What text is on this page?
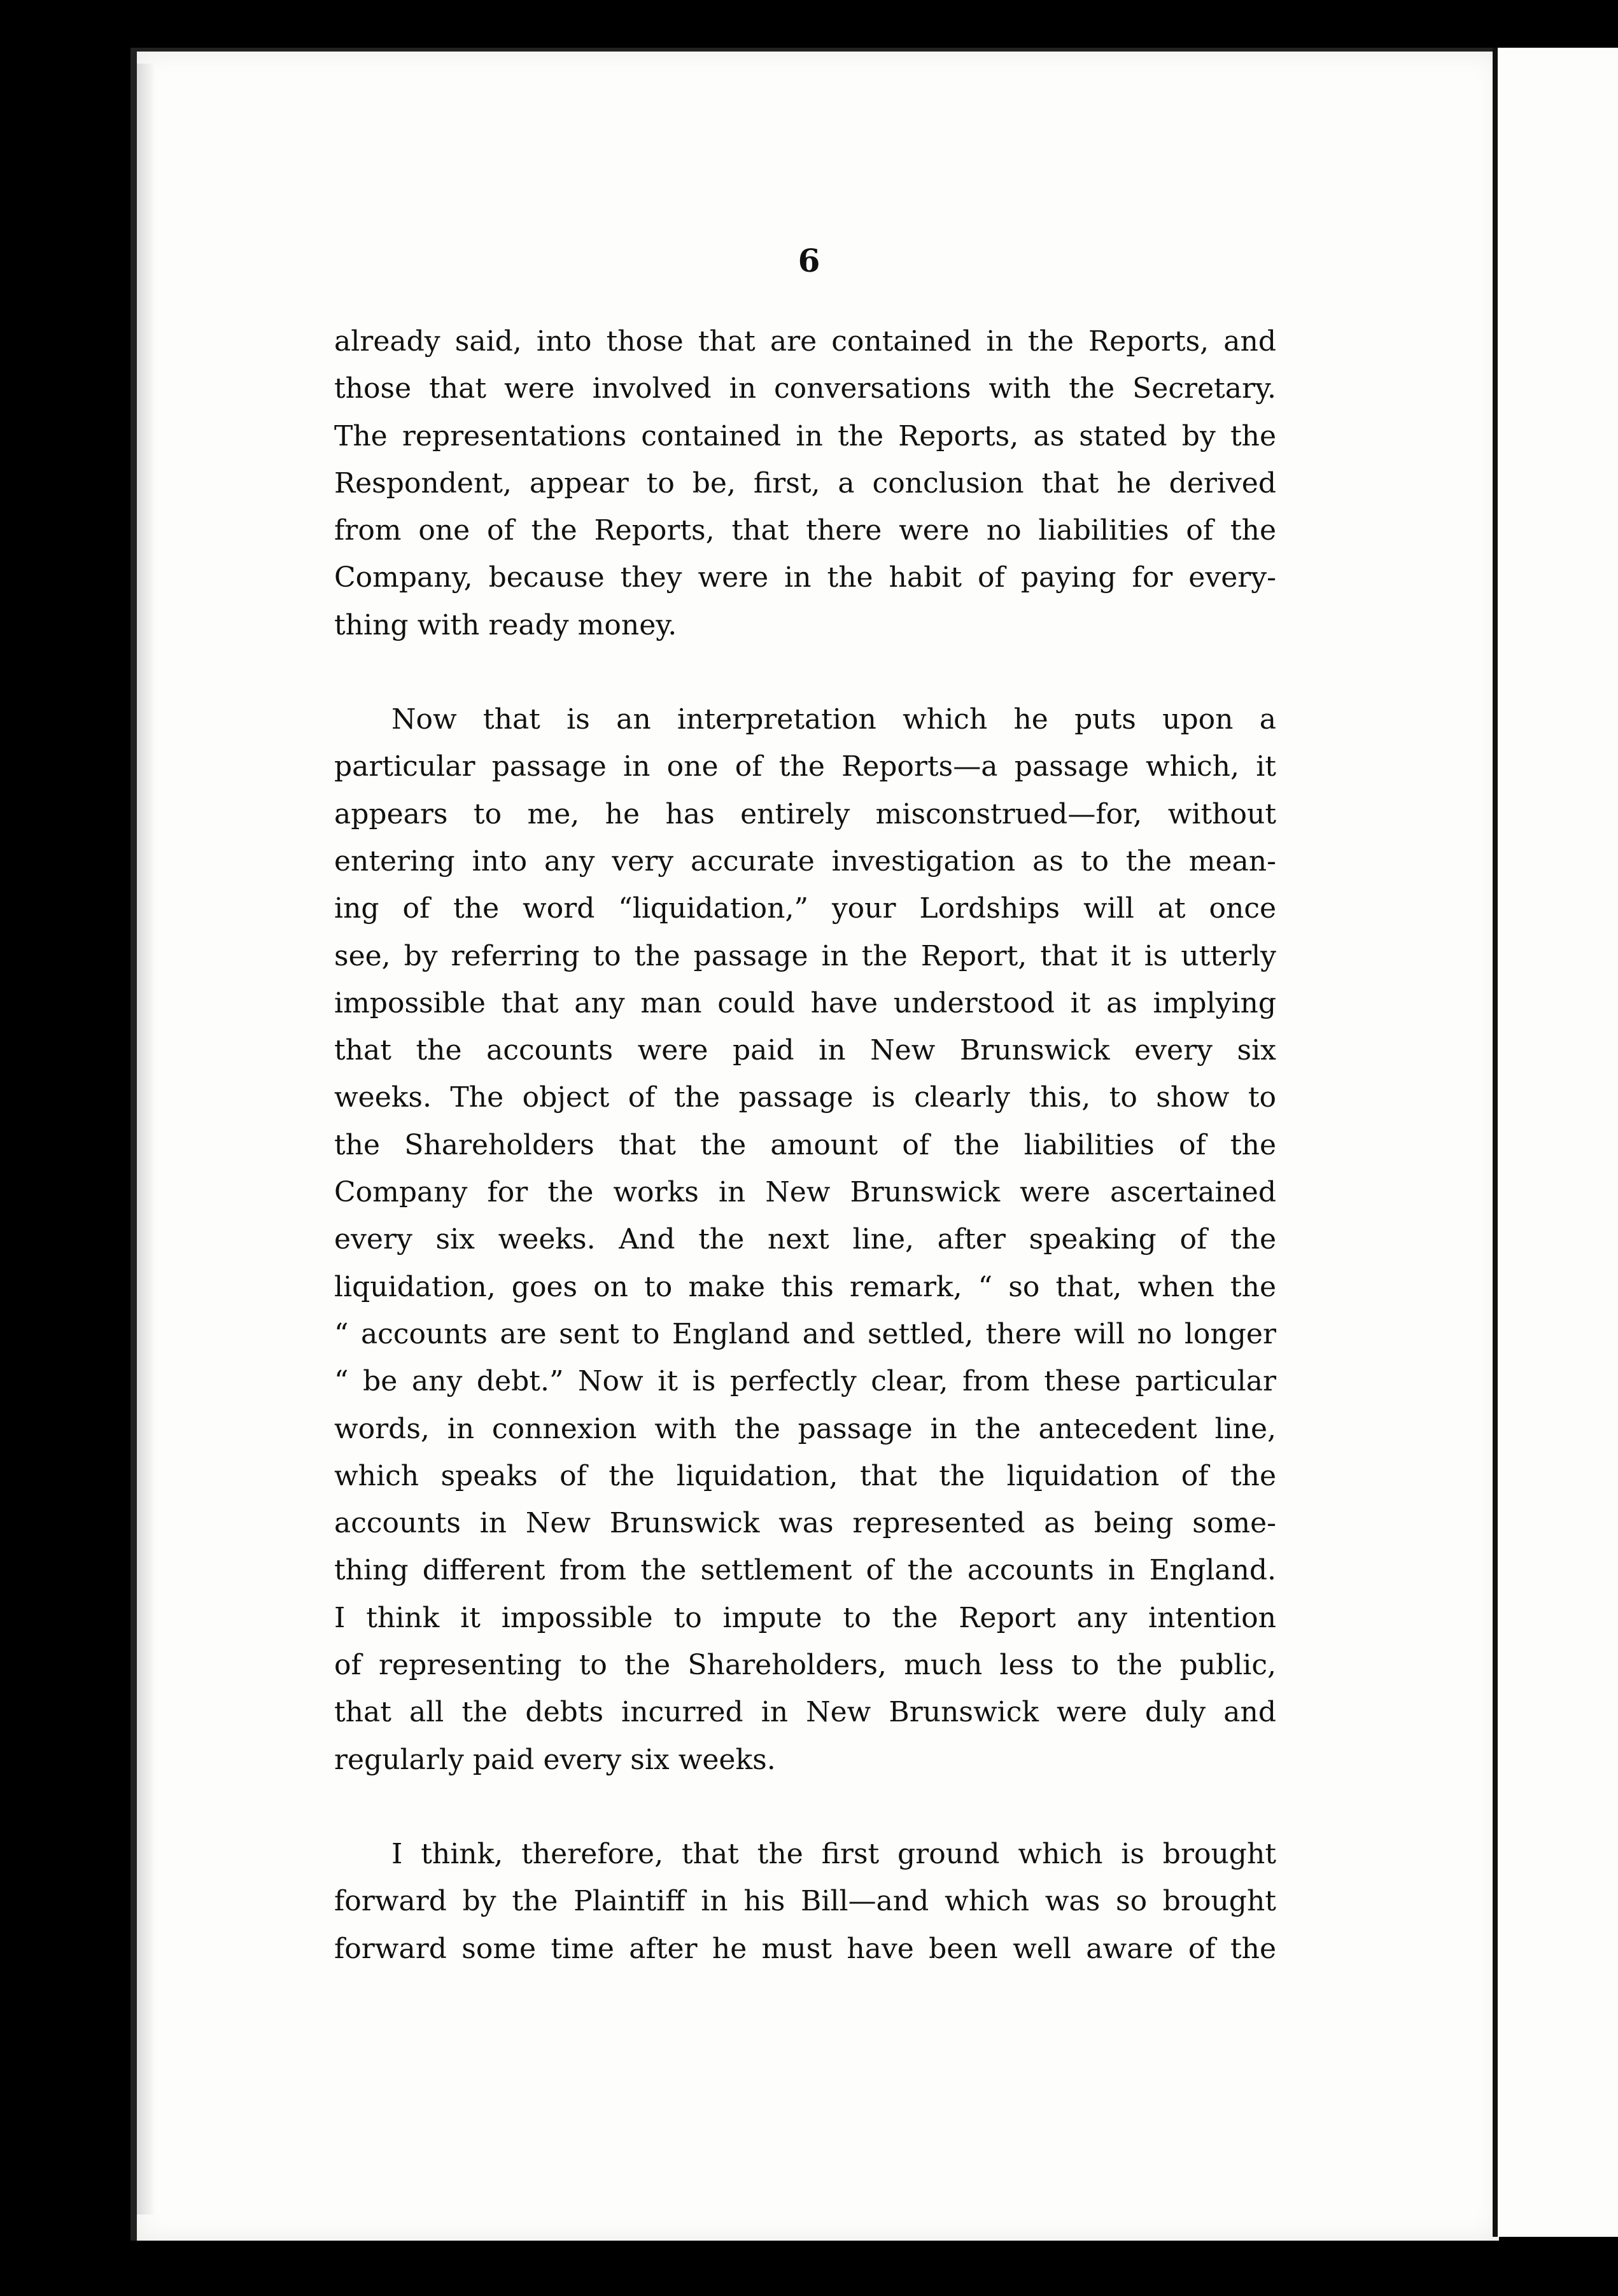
6
already said, into those that are contained in the Reports, and
those that were involved in conversations with the Secretary.
The representations contained in the Reports, as stated by the
Respondent, appear to be, first, a conclusion that he derived
from one of the Reports, that there were no liabilities of the
Company, because they were in the habit of paying for every-
thing with ready money.
Now that is an interpretation which he puts upon a
particular passage in one of the Reports—a passage which, it
appears to me, he has entirely misconstrued—for, without
entering into any very accurate investigation as to the mean-
ing of the word “liquidation,” your Lordships will at once
see, by referring to the passage in the Report, that it is utterly
impossible that any man could have understood it as implying
that the accounts were paid in New Brunswick every six
weeks. The object of the passage is clearly this, to show to
the Shareholders that the amount of the liabilities of the
Company for the works in New Brunswick were ascertained
every six weeks. And the next line, after speaking of the
liquidation, goes on to make this remark, “ so that, when the
“ accounts are sent to England and settled, there will no longer
“ be any debt.” Now it is perfectly clear, from these particular
words, in connexion with the passage in the antecedent line,
which speaks of the liquidation, that the liquidation of the
accounts in New Brunswick was represented as being some-
thing different from the settlement of the accounts in England.
I think it impossible to impute to the Report any intention
of representing to the Shareholders, much less to the public,
that all the debts incurred in New Brunswick were duly and
regularly paid every six weeks.
I think, therefore, that the first ground which is brought
forward by the Plaintiff in his Bill—and which was so brought
forward some time after he must have been well aware of the
